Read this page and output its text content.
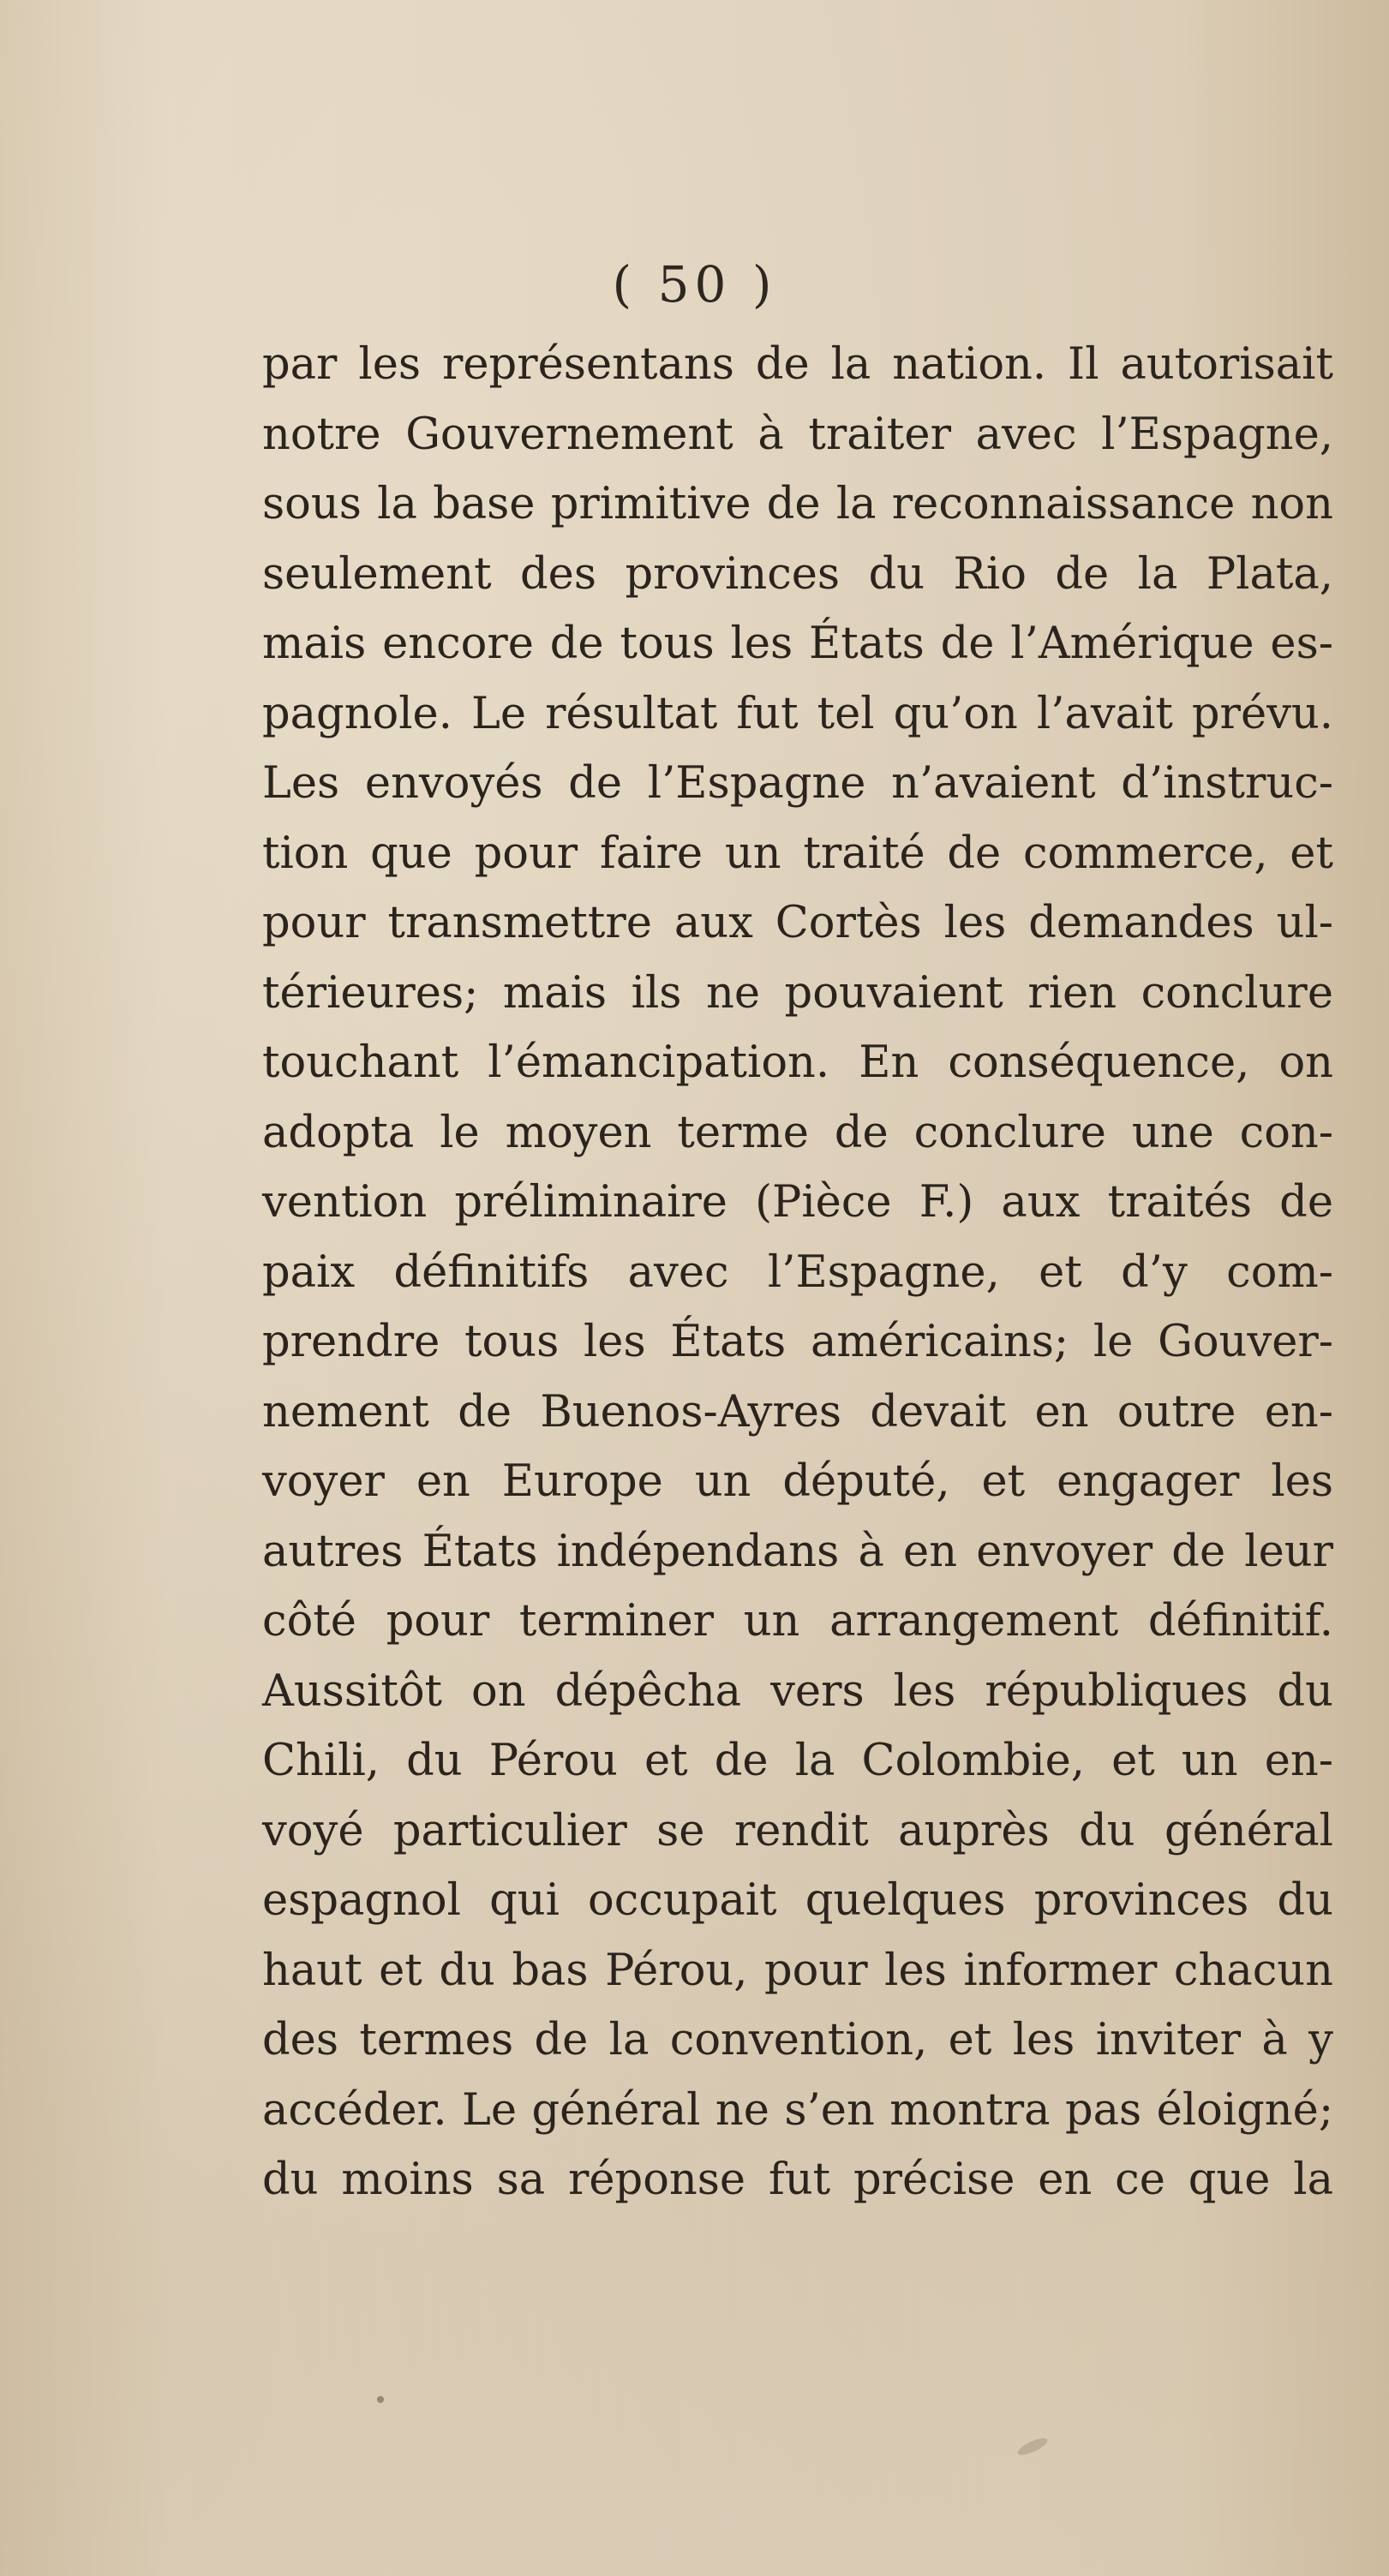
( 50 )
par les représentans de la nation. Il autorisait
notre Gouvernement à traiter avec l’Espagne,
sous la base primitive de la reconnaissance non
seulement des provinces du Rio de la Plata,
mais encore de tous les États de l’Amérique es-
pagnole. Le résultat fut tel qu’on l’avait prévu.
Les envoyés de l’Espagne n’avaient d’instruc-
tion que pour faire un traité de commerce, et
pour transmettre aux Cortès les demandes ul-
térieures; mais ils ne pouvaient rien conclure
touchant l’émancipation. En conséquence, on
adopta le moyen terme de conclure une con-
vention préliminaire (Pièce F.) aux traités de
paix définitifs avec l’Espagne, et d’y com-
prendre tous les États américains; le Gouver-
nement de Buenos-Ayres devait en outre en-
voyer en Europe un député, et engager les
autres États indépendans à en envoyer de leur
côté pour terminer un arrangement définitif.
Aussitôt on dépêcha vers les républiques du
Chili, du Pérou et de la Colombie, et un en-
voyé particulier se rendit auprès du général
espagnol qui occupait quelques provinces du
haut et du bas Pérou, pour les informer chacun
des termes de la convention, et les inviter à y
accéder. Le général ne s’en montra pas éloigné;
du moins sa réponse fut précise en ce que la
